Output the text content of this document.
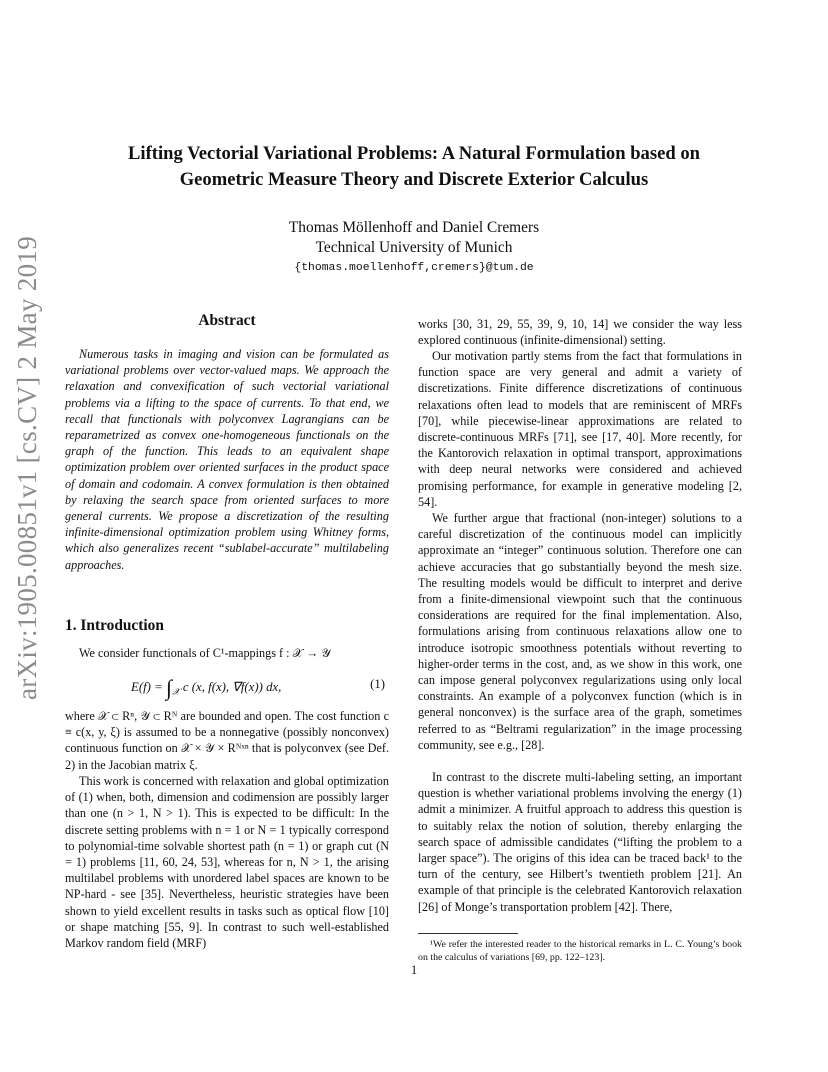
arXiv:1905.00851v1 [cs.CV] 2 May 2019
Lifting Vectorial Variational Problems: A Natural Formulation based on
Geometric Measure Theory and Discrete Exterior Calculus
Thomas Möllenhoff and Daniel Cremers
Technical University of Munich
{thomas.moellenhoff,cremers}@tum.de
Abstract
Numerous tasks in imaging and vision can be formulated as variational problems over vector-valued maps. We approach the relaxation and convexification of such vectorial variational problems via a lifting to the space of currents. To that end, we recall that functionals with polyconvex Lagrangians can be reparametrized as convex one-homogeneous functionals on the graph of the function. This leads to an equivalent shape optimization problem over oriented surfaces in the product space of domain and codomain. A convex formulation is then obtained by relaxing the search space from oriented surfaces to more general currents. We propose a discretization of the resulting infinite-dimensional optimization problem using Whitney forms, which also generalizes recent “sublabel-accurate” multilabeling approaches.
1. Introduction
We consider functionals of C¹-mappings f : 𝒳 → 𝒴
$E(f) = \int_𝒳$ c (x, f(x), ∇f(x)) dx,	(1)
where 𝒳 ⊂ Rⁿ, 𝒴 ⊂ Rᴺ are bounded and open. The cost function c ≡ c(x, y, ξ) is assumed to be a nonnegative (possibly nonconvex) continuous function on 𝒳 × 𝒴 × Rᴺˣⁿ that is polyconvex (see Def. 2) in the Jacobian matrix ξ.
This work is concerned with relaxation and global optimization of (1) when, both, dimension and codimension are possibly larger than one (n > 1, N > 1). This is expected to be difficult: In the discrete setting problems with n = 1 or N = 1 typically correspond to polynomial-time solvable shortest path (n = 1) or graph cut (N = 1) problems [11, 60, 24, 53], whereas for n, N > 1, the arising multilabel problems with unordered label spaces are known to be NP-hard - see [35]. Nevertheless, heuristic strategies have been shown to yield excellent results in tasks such as optical flow [10] or shape matching [55, 9]. In contrast to such well-established Markov random field (MRF)
works [30, 31, 29, 55, 39, 9, 10, 14] we consider the way less explored continuous (infinite-dimensional) setting.
Our motivation partly stems from the fact that formulations in function space are very general and admit a variety of discretizations. Finite difference discretizations of continuous relaxations often lead to models that are reminiscent of MRFs [70], while piecewise-linear approximations are related to discrete-continuous MRFs [71], see [17, 40]. More recently, for the Kantorovich relaxation in optimal transport, approximations with deep neural networks were considered and achieved promising performance, for example in generative modeling [2, 54].
We further argue that fractional (non-integer) solutions to a careful discretization of the continuous model can implicitly approximate an “integer” continuous solution. Therefore one can achieve accuracies that go substantially beyond the mesh size. The resulting models would be difficult to interpret and derive from a finite-dimensional viewpoint such that the continuous considerations are required for the final implementation. Also, formulations arising from continuous relaxations allow one to introduce isotropic smoothness potentials without reverting to higher-order terms in the cost, and, as we show in this work, one can impose general polyconvex regularizations using only local constraints. An example of a polyconvex function (which is in general nonconvex) is the surface area of the graph, sometimes referred to as “Beltrami regularization” in the image processing community, see e.g., [28].
In contrast to the discrete multi-labeling setting, an important question is whether variational problems involving the energy (1) admit a minimizer. A fruitful approach to address this question is to suitably relax the notion of solution, thereby enlarging the search space of admissible candidates (“lifting the problem to a larger space”). The origins of this idea can be traced back¹ to the turn of the century, see Hilbert’s twentieth problem [21]. An example of that principle is the celebrated Kantorovich relaxation [26] of Monge’s transportation problem [42]. There,
¹We refer the interested reader to the historical remarks in L. C. Young’s book on the calculus of variations [69, pp. 122–123].
1
